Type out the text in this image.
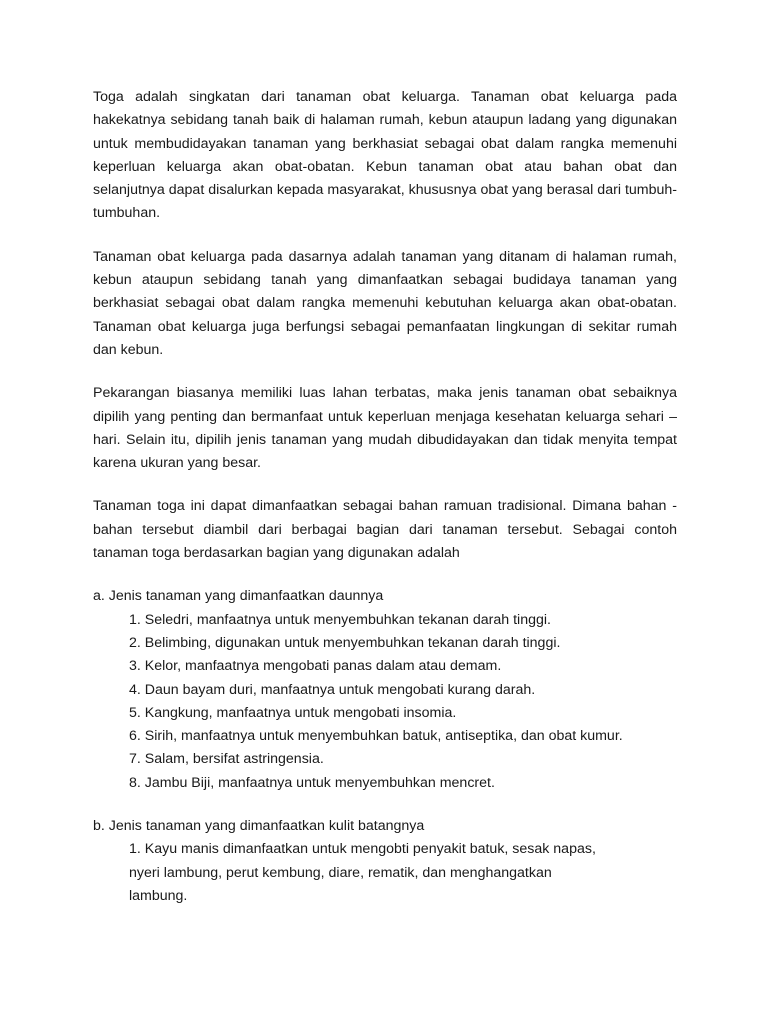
Toga adalah singkatan dari tanaman obat keluarga. Tanaman obat keluarga pada hakekatnya sebidang tanah baik di halaman rumah, kebun ataupun ladang yang digunakan untuk membudidayakan tanaman yang berkhasiat sebagai obat dalam rangka memenuhi keperluan keluarga akan obat-obatan. Kebun tanaman obat atau bahan obat dan selanjutnya dapat disalurkan kepada masyarakat, khususnya obat yang berasal dari tumbuh-tumbuhan.

Tanaman obat keluarga pada dasarnya adalah tanaman yang ditanam di halaman rumah, kebun ataupun sebidang tanah yang dimanfaatkan sebagai budidaya tanaman yang berkhasiat sebagai obat dalam rangka memenuhi kebutuhan keluarga akan obat-obatan. Tanaman obat keluarga juga berfungsi sebagai pemanfaatan lingkungan di sekitar rumah dan kebun.

Pekarangan biasanya memiliki luas lahan terbatas, maka jenis tanaman obat sebaiknya dipilih yang penting dan bermanfaat untuk keperluan menjaga kesehatan keluarga sehari – hari. Selain itu, dipilih jenis tanaman yang mudah dibudidayakan dan tidak menyita tempat karena ukuran yang besar.

Tanaman toga ini dapat dimanfaatkan sebagai bahan ramuan tradisional. Dimana bahan - bahan tersebut diambil dari berbagai bagian dari tanaman tersebut. Sebagai contoh tanaman toga berdasarkan bagian yang digunakan adalah

a. Jenis tanaman yang dimanfaatkan daunnya

1. Seledri, manfaatnya untuk menyembuhkan tekanan darah tinggi.
2. Belimbing, digunakan untuk menyembuhkan tekanan darah tinggi.
3. Kelor, manfaatnya mengobati panas dalam atau demam.
4. Daun bayam duri, manfaatnya untuk mengobati kurang darah.
5. Kangkung, manfaatnya untuk mengobati insomia.
6. Sirih, manfaatnya untuk menyembuhkan batuk, antiseptika, dan obat kumur.
7. Salam, bersifat astringensia.
8. Jambu Biji, manfaatnya untuk menyembuhkan mencret.

b. Jenis tanaman yang dimanfaatkan kulit batangnya

1. Kayu manis dimanfaatkan untuk mengobti penyakit batuk, sesak napas, nyeri lambung, perut kembung, diare, rematik, dan menghangatkan lambung.
